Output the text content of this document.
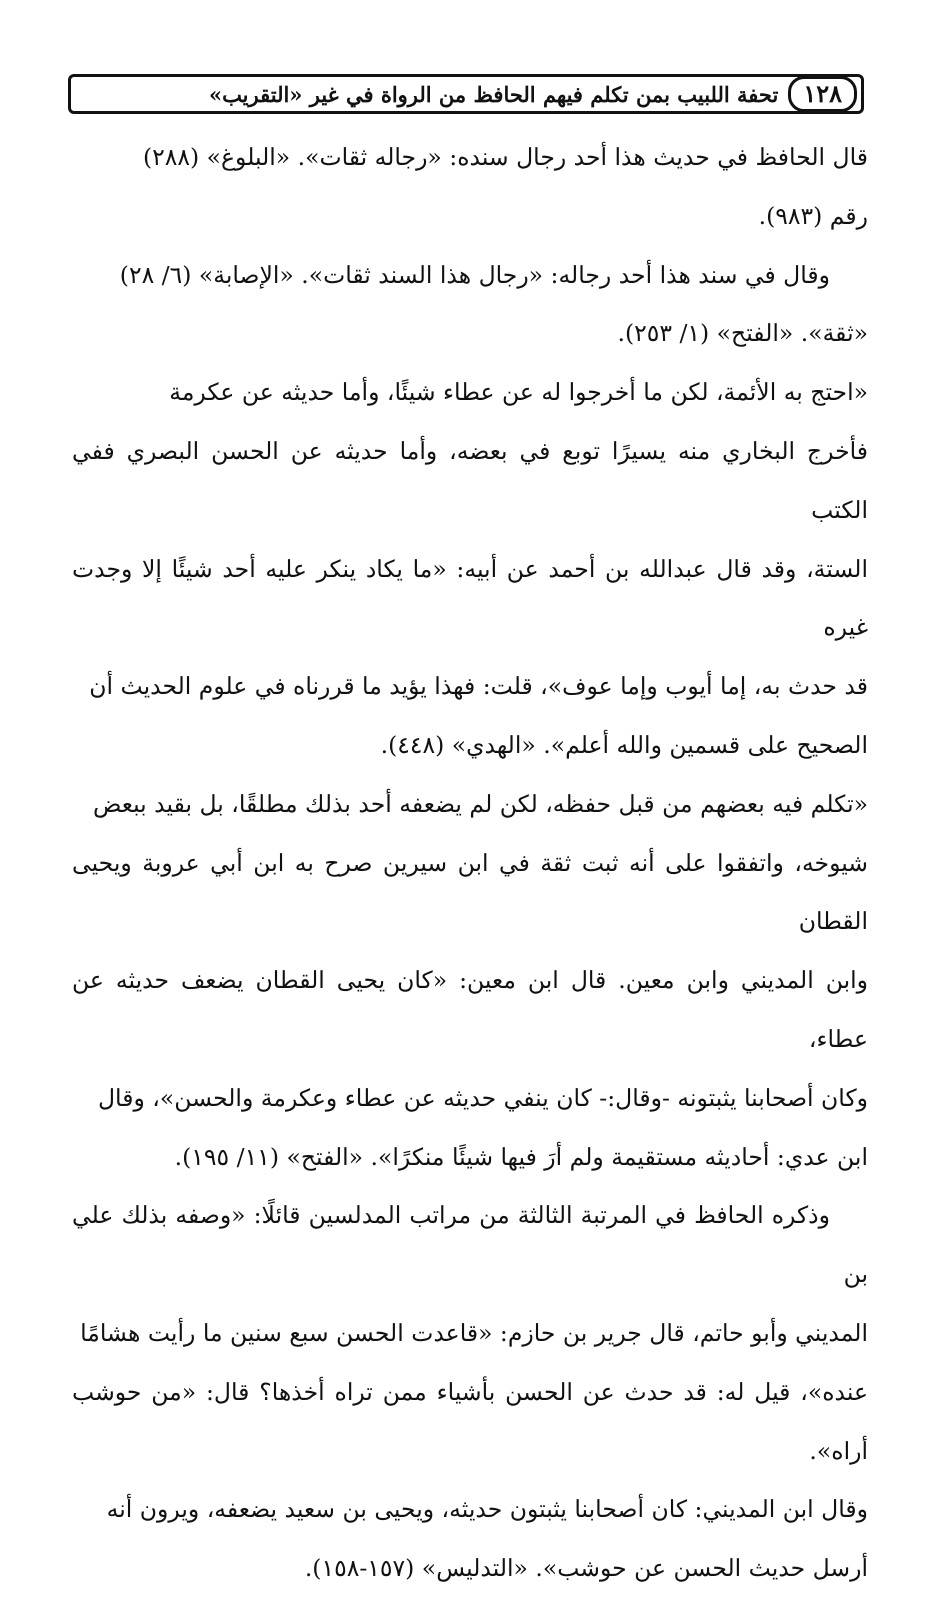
١٢٨
تحفة اللبيب بمن تكلم فيهم الحافظ من الرواة في غير «التقريب»

قال الحافظ في حديث هذا أحد رجال سنده: «رجاله ثقات». «البلوغ» (٢٨٨)
رقم (٩٨٣).

وقال في سند هذا أحد رجاله: «رجال هذا السند ثقات». «الإصابة» (٦/ ٢٨)
«ثقة». «الفتح» (١/ ٢٥٣).

«احتج به الأئمة، لكن ما أخرجوا له عن عطاء شيئًا، وأما حديثه عن عكرمة
فأخرج البخاري منه يسيرًا توبع في بعضه، وأما حديثه عن الحسن البصري ففي الكتب
الستة، وقد قال عبدالله بن أحمد عن أبيه: «ما يكاد ينكر عليه أحد شيئًا إلا وجدت غيره
قد حدث به، إما أيوب وإما عوف»، قلت: فهذا يؤيد ما قررناه في علوم الحديث أن
الصحيح على قسمين والله أعلم». «الهدي» (٤٤٨).

«تكلم فيه بعضهم من قبل حفظه، لكن لم يضعفه أحد بذلك مطلقًا، بل بقيد ببعض
شيوخه، واتفقوا على أنه ثبت ثقة في ابن سيرين صرح به ابن أبي عروبة ويحيى القطان
وابن المديني وابن معين. قال ابن معين: «كان يحيى القطان يضعف حديثه عن عطاء،
وكان أصحابنا يثبتونه -وقال:- كان ينفي حديثه عن عطاء وعكرمة والحسن»، وقال
ابن عدي: أحاديثه مستقيمة ولم أرَ فيها شيئًا منكرًا». «الفتح» (١١/ ١٩٥).

وذكره الحافظ في المرتبة الثالثة من مراتب المدلسين قائلًا: «وصفه بذلك علي بن
المديني وأبو حاتم، قال جرير بن حازم: «قاعدت الحسن سبع سنين ما رأيت هشامًا
عنده»، قيل له: قد حدث عن الحسن بأشياء ممن تراه أخذها؟ قال: «من حوشب أراه».
وقال ابن المديني: كان أصحابنا يثبتون حديثه، ويحيى بن سعيد يضعفه، ويرون أنه
أرسل حديث الحسن عن حوشب». «التدليس» (١٥٧-١٥٨).
